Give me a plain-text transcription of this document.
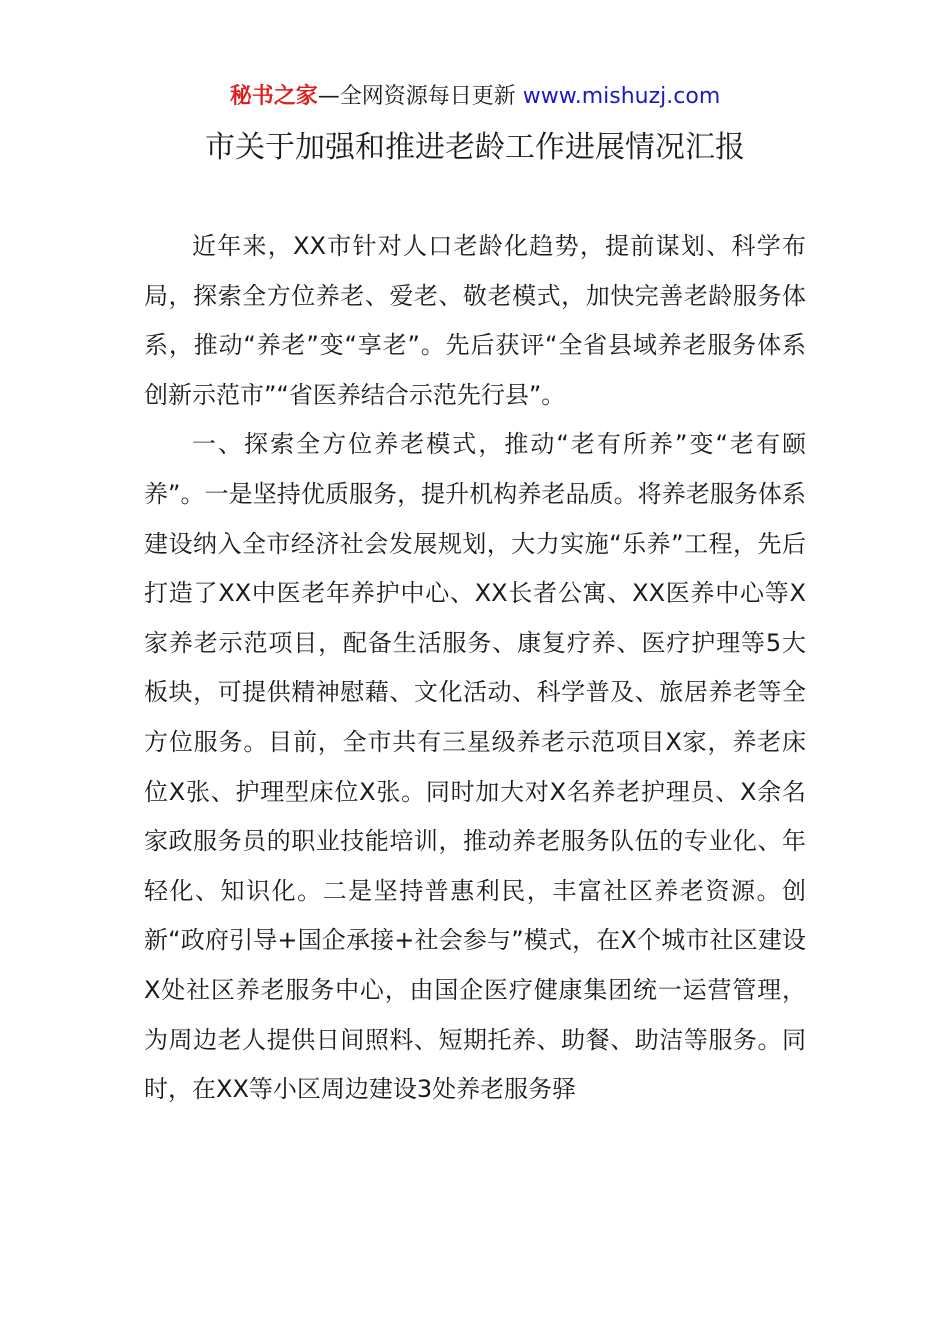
秘书之家—全网资源每日更新 www.mishuzj.com
市关于加强和推进老龄工作进展情况汇报

近年来，XX市针对人口老龄化趋势，提前谋划、科学布局，探索全方位养老、爱老、敬老模式，加快完善老龄服务体系，推动“养老”变“享老”。先后获评“全省县域养老服务体系创新示范市”“省医养结合示范先行县”。

一、探索全方位养老模式，推动“老有所养”变“老有颐养”。一是坚持优质服务，提升机构养老品质。将养老服务体系建设纳入全市经济社会发展规划，大力实施“乐养”工程，先后打造了XX中医老年养护中心、XX长者公寓、XX医养中心等X家养老示范项目，配备生活服务、康复疗养、医疗护理等5大板块，可提供精神慰藉、文化活动、科学普及、旅居养老等全方位服务。目前，全市共有三星级养老示范项目X家，养老床位X张、护理型床位X张。同时加大对X名养老护理员、X余名家政服务员的职业技能培训，推动养老服务队伍的专业化、年轻化、知识化。二是坚持普惠利民，丰富社区养老资源。创新“政府引导+国企承接+社会参与”模式，在X个城市社区建设X处社区养老服务中心，由国企医疗健康集团统一运营管理，为周边老人提供日间照料、短期托养、助餐、助洁等服务。同时，在XX等小区周边建设3处养老服务驿
